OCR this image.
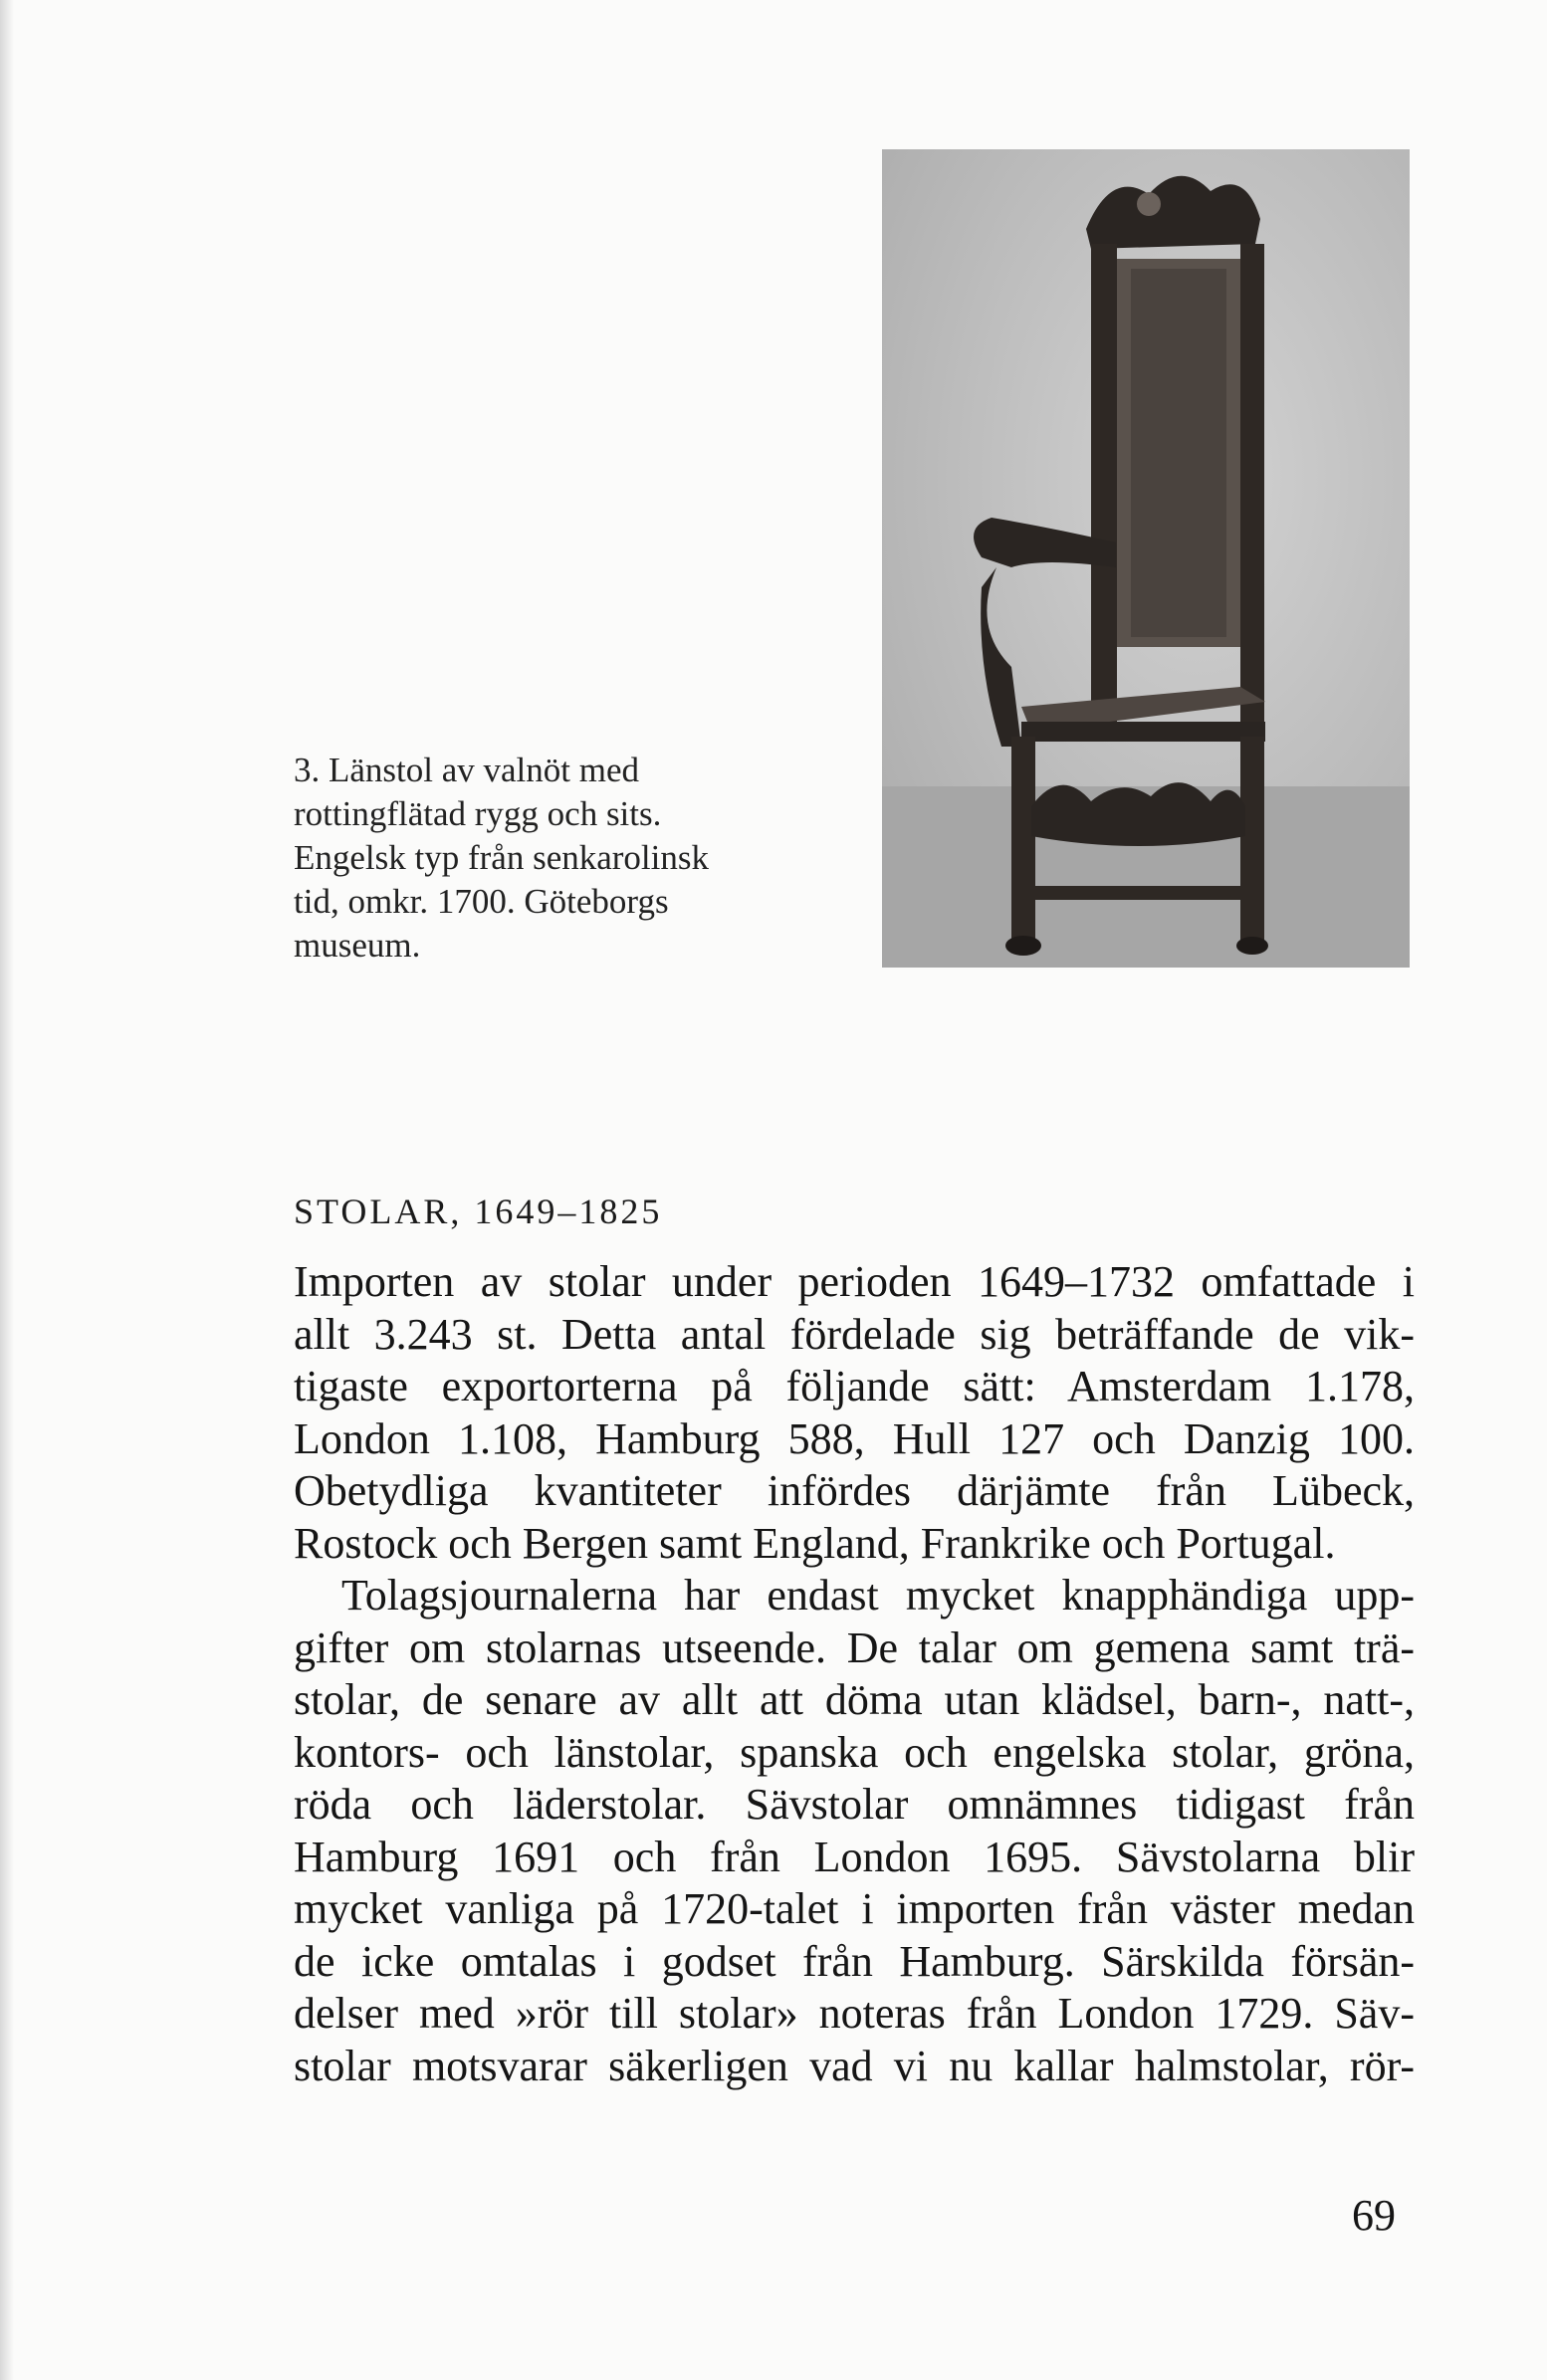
3. Länstol av valnöt med
rottingflätad rygg och sits.
Engelsk typ från senkarolinsk
tid, omkr. 1700. Göteborgs
museum.
STOLAR, 1649–1825
Importen av stolar under perioden 1649–1732 omfattade i
allt 3.243 st. Detta antal fördelade sig beträffande de vik-
tigaste exportorterna på följande sätt: Amsterdam 1.178,
London 1.108, Hamburg 588, Hull 127 och Danzig 100.
Obetydliga kvantiteter infördes därjämte från Lübeck,
Rostock och Bergen samt England, Frankrike och Portugal.
Tolagsjournalerna har endast mycket knapphändiga upp-
gifter om stolarnas utseende. De talar om gemena samt trä-
stolar, de senare av allt att döma utan klädsel, barn-, natt-,
kontors- och länstolar, spanska och engelska stolar, gröna,
röda och läderstolar. Sävstolar omnämnes tidigast från
Hamburg 1691 och från London 1695. Sävstolarna blir
mycket vanliga på 1720-talet i importen från väster medan
de icke omtalas i godset från Hamburg. Särskilda försän-
delser med »rör till stolar» noteras från London 1729. Säv-
stolar motsvarar säkerligen vad vi nu kallar halmstolar, rör-
69
